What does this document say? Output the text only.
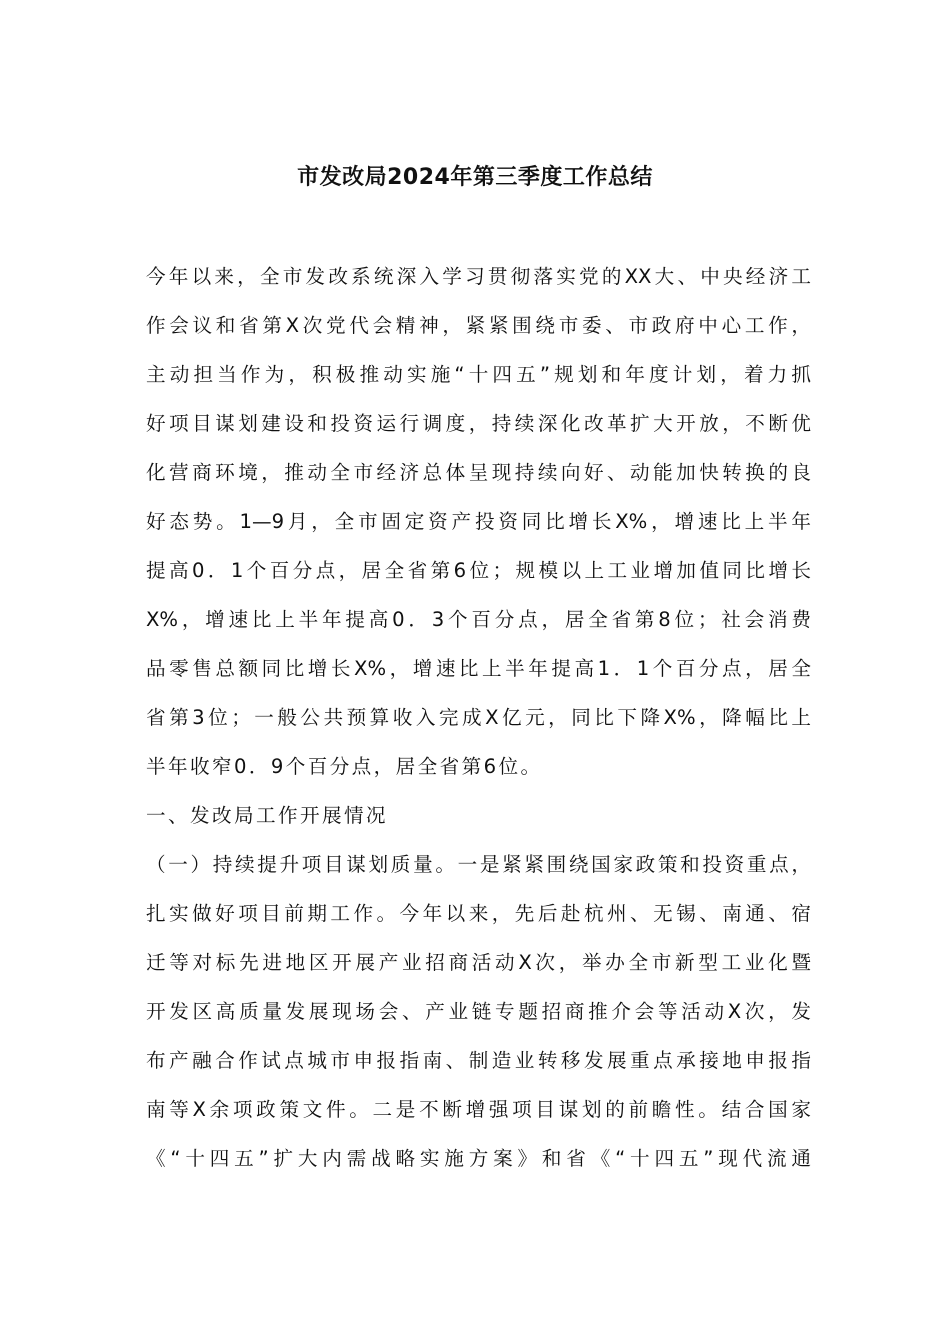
市发改局2024年第三季度工作总结
今年以来，全市发改系统深入学习贯彻落实党的XX大、中央经济工
作会议和省第X次党代会精神，紧紧围绕市委、市政府中心工作，
主动担当作为，积极推动实施“十四五”规划和年度计划，着力抓
好项目谋划建设和投资运行调度，持续深化改革扩大开放，不断优
化营商环境，推动全市经济总体呈现持续向好、动能加快转换的良
好态势。1—9月，全市固定资产投资同比增长X%，增速比上半年
提高0．1个百分点，居全省第6位；规模以上工业增加值同比增长
X%，增速比上半年提高0．3个百分点，居全省第8位；社会消费
品零售总额同比增长X%，增速比上半年提高1．1个百分点，居全
省第3位；一般公共预算收入完成X亿元，同比下降X%，降幅比上
半年收窄0．9个百分点，居全省第6位。
一、发改局工作开展情况
（一）持续提升项目谋划质量。一是紧紧围绕国家政策和投资重点，
扎实做好项目前期工作。今年以来，先后赴杭州、无锡、南通、宿
迁等对标先进地区开展产业招商活动X次，举办全市新型工业化暨
开发区高质量发展现场会、产业链专题招商推介会等活动X次，发
布产融合作试点城市申报指南、制造业转移发展重点承接地申报指
南等X余项政策文件。二是不断增强项目谋划的前瞻性。结合国家
《“十四五”扩大内需战略实施方案》和省《“十四五”现代流通
